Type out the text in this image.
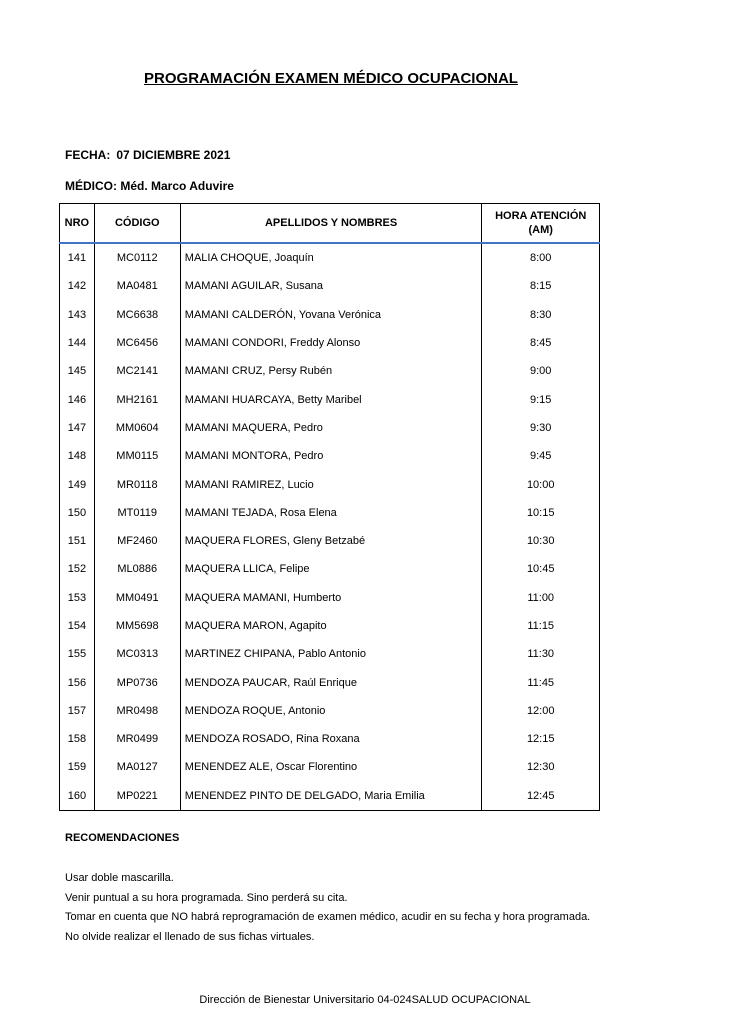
PROGRAMACIÓN EXAMEN MÉDICO OCUPACIONAL
FECHA: 07 DICIEMBRE 2021
MÉDICO: Méd. Marco Aduvire
NRO	CÓDIGO	APELLIDOS Y NOMBRES	HORA ATENCIÓN
(AM)
141	MC0112	MALIA CHOQUE, Joaquín	8:00
142	MA0481	MAMANI AGUILAR, Susana	8:15
143	MC6638	MAMANI CALDERÓN, Yovana Verónica	8:30
144	MC6456	MAMANI CONDORI, Freddy Alonso	8:45
145	MC2141	MAMANI CRUZ, Persy Rubén	9:00
146	MH2161	MAMANI HUARCAYA, Betty Maribel	9:15
147	MM0604	MAMANI MAQUERA, Pedro	9:30
148	MM0115	MAMANI MONTORA, Pedro	9:45
149	MR0118	MAMANI RAMIREZ, Lucio	10:00
150	MT0119	MAMANI TEJADA, Rosa Elena	10:15
151	MF2460	MAQUERA FLORES, Gleny Betzabé	10:30
152	ML0886	MAQUERA LLICA, Felipe	10:45
153	MM0491	MAQUERA MAMANI, Humberto	11:00
154	MM5698	MAQUERA MARON, Agapito	11:15
155	MC0313	MARTINEZ CHIPANA, Pablo Antonio	11:30
156	MP0736	MENDOZA PAUCAR, Raúl Enrique	11:45
157	MR0498	MENDOZA ROQUE, Antonio	12:00
158	MR0499	MENDOZA ROSADO, Rina Roxana	12:15
159	MA0127	MENENDEZ ALE, Oscar Florentino	12:30
160	MP0221	MENENDEZ PINTO DE DELGADO, Maria Emilia	12:45
RECOMENDACIONES
Usar doble mascarilla.
Venir puntual a su hora programada. Sino perderá su cita.
Tomar en cuenta que NO habrá reprogramación de examen médico, acudir en su fecha y hora programada.
No olvide realizar el llenado de sus fichas virtuales.
Dirección de Bienestar Universitario 04-024SALUD OCUPACIONAL
